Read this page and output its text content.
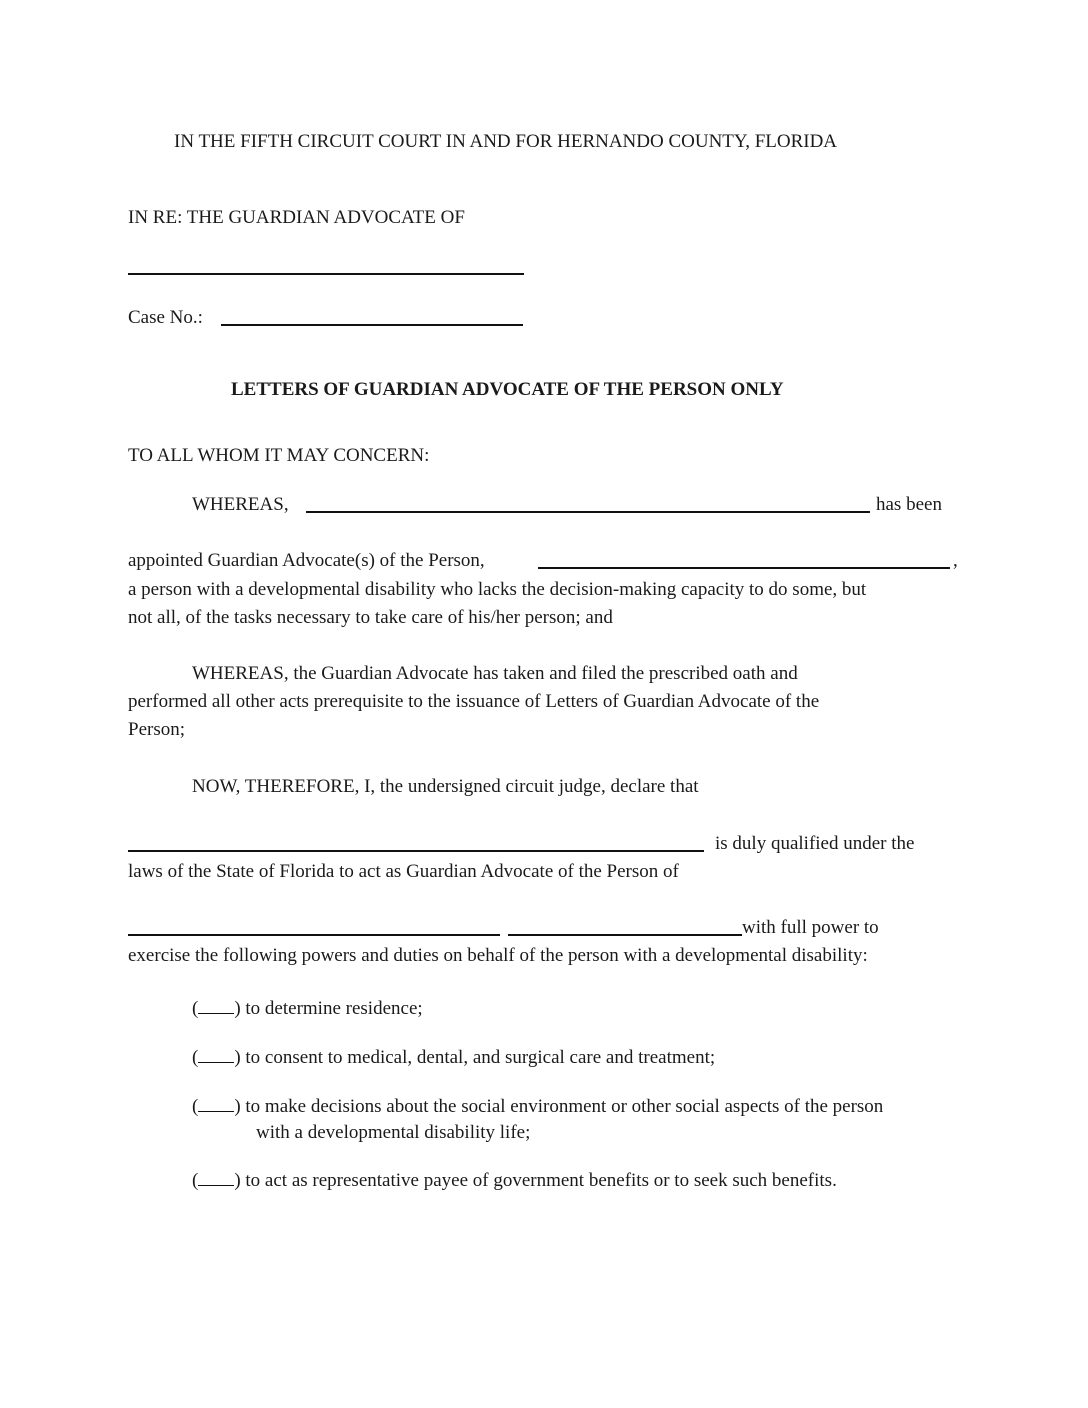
IN THE FIFTH CIRCUIT COURT IN AND FOR HERNANDO COUNTY, FLORIDA
IN RE: THE GUARDIAN ADVOCATE OF
Case No.:
LETTERS OF GUARDIAN ADVOCATE OF THE PERSON ONLY
TO ALL WHOM IT MAY CONCERN:
WHEREAS,	has been
appointed Guardian Advocate(s) of the Person,	,
a person with a developmental disability who lacks the decision-making capacity to do some, but
not all, of the tasks necessary to take care of his/her person; and
WHEREAS, the Guardian Advocate has taken and filed the prescribed oath and
performed all other acts prerequisite to the issuance of Letters of Guardian Advocate of the
Person;
NOW, THEREFORE, I, the undersigned circuit judge, declare that
is duly qualified under the
laws of the State of Florida to act as Guardian Advocate of the Person of
with full power to
exercise the following powers and duties on behalf of the person with a developmental disability:
( ) to determine residence;
( ) to consent to medical, dental, and surgical care and treatment;
( ) to make decisions about the social environment or other social aspects of the person
with a developmental disability life;
( ) to act as representative payee of government benefits or to seek such benefits.
